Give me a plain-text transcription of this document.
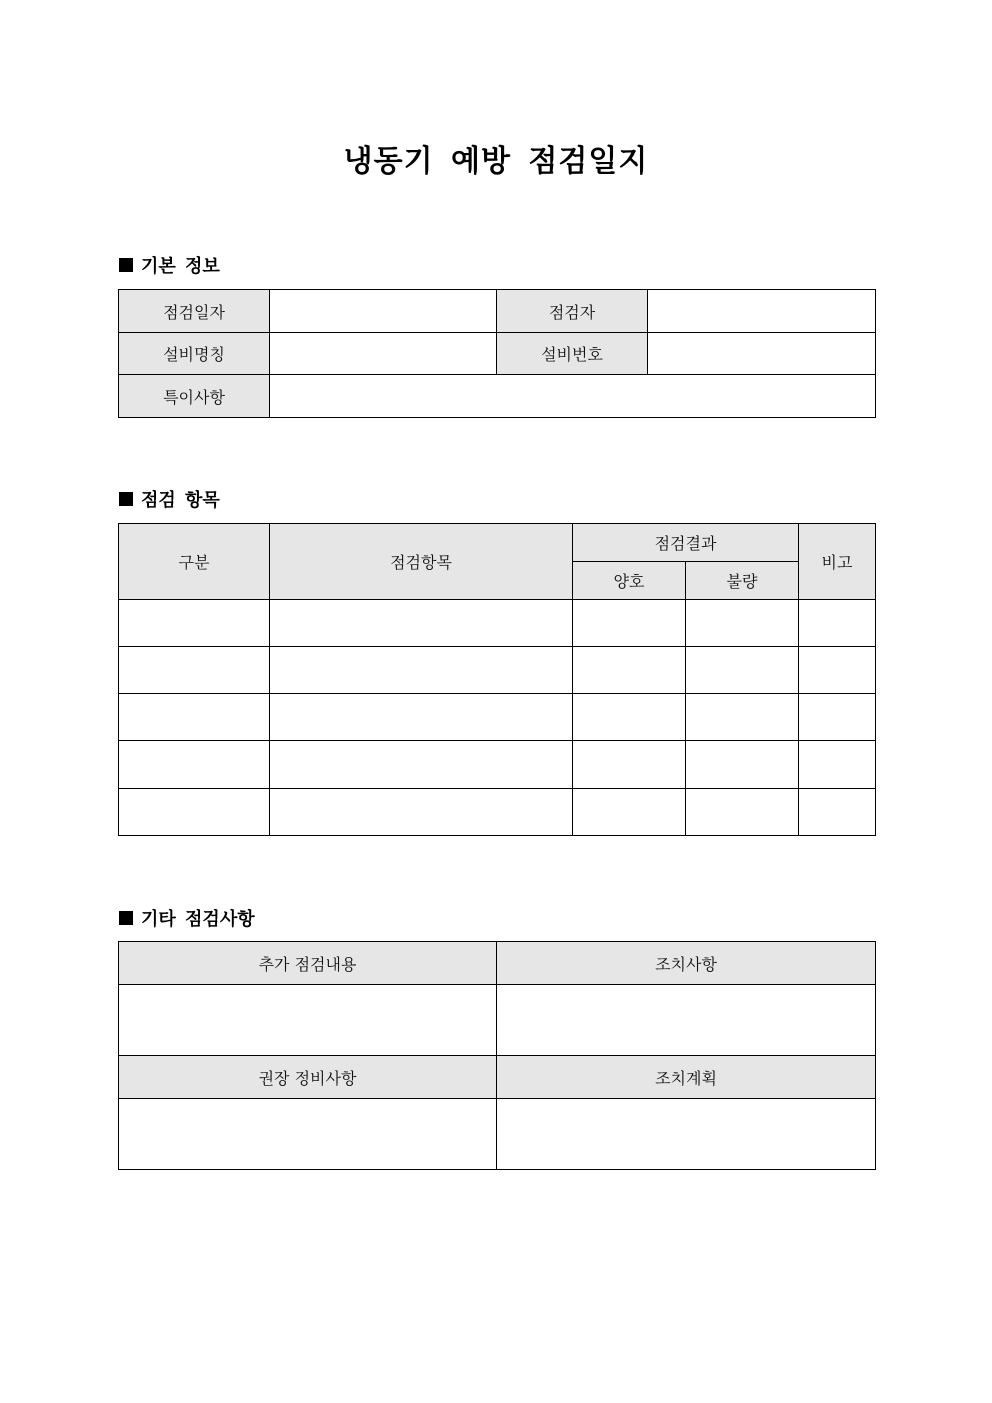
냉동기 예방 점검일지
기본 정보
점검일자		점검자	
설비명칭		설비번호	
특이사항			
점검 항목
구분	점검항목	점검결과		비고
		양호	불량	

기타 점검사항
추가 점검내용	조치사항

권장 정비사항	조치계획
